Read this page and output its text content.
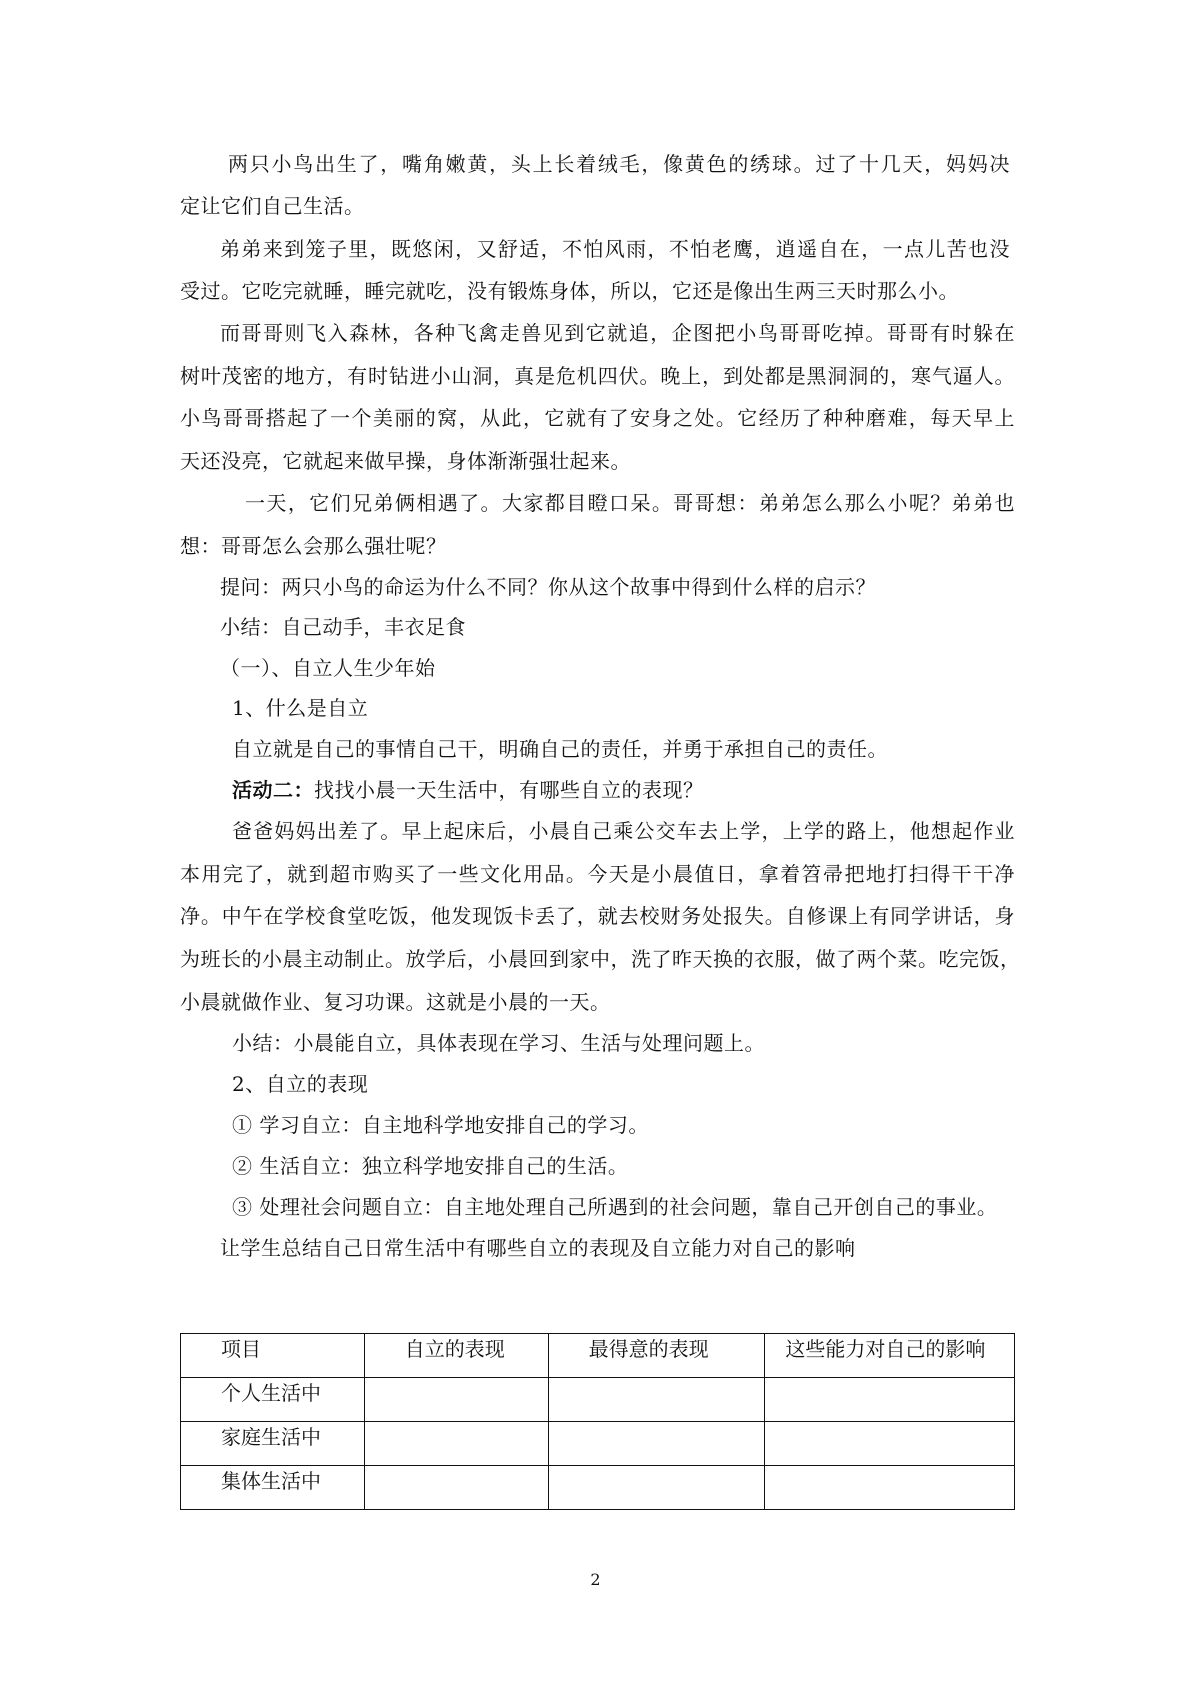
两只小鸟出生了，嘴角嫩黄，头上长着绒毛，像黄色的绣球。过了十几天，妈妈决
定让它们自己生活。
弟弟来到笼子里，既悠闲，又舒适，不怕风雨，不怕老鹰，逍遥自在，一点儿苦也没
受过。它吃完就睡，睡完就吃，没有锻炼身体，所以，它还是像出生两三天时那么小。
而哥哥则飞入森林，各种飞禽走兽见到它就追，企图把小鸟哥哥吃掉。哥哥有时躲在
树叶茂密的地方，有时钻进小山洞，真是危机四伏。晚上，到处都是黑洞洞的，寒气逼人。
小鸟哥哥搭起了一个美丽的窝，从此，它就有了安身之处。它经历了种种磨难，每天早上
天还没亮，它就起来做早操，身体渐渐强壮起来。
一天，它们兄弟俩相遇了。大家都目瞪口呆。哥哥想：弟弟怎么那么小呢？弟弟也
想：哥哥怎么会那么强壮呢？
提问：两只小鸟的命运为什么不同？你从这个故事中得到什么样的启示？
小结：自己动手，丰衣足食
（一）、自立人生少年始
1、什么是自立
自立就是自己的事情自己干，明确自己的责任，并勇于承担自己的责任。
活动二：找找小晨一天生活中，有哪些自立的表现？
爸爸妈妈出差了。早上起床后，小晨自己乘公交车去上学，上学的路上，他想起作业
本用完了，就到超市购买了一些文化用品。今天是小晨值日，拿着笤帚把地打扫得干干净
净。中午在学校食堂吃饭，他发现饭卡丢了，就去校财务处报失。自修课上有同学讲话，身
为班长的小晨主动制止。放学后，小晨回到家中，洗了昨天换的衣服，做了两个菜。吃完饭，
小晨就做作业、复习功课。这就是小晨的一天。
小结：小晨能自立，具体表现在学习、生活与处理问题上。
2、自立的表现
① 学习自立：自主地科学地安排自己的学习。
② 生活自立：独立科学地安排自己的生活。
③ 处理社会问题自立：自主地处理自己所遇到的社会问题，靠自己开创自己的事业。
让学生总结自己日常生活中有哪些自立的表现及自立能力对自己的影响
项目	自立的表现	最得意的表现	这些能力对自己的影响
个人生活中			
家庭生活中			
集体生活中			
2
